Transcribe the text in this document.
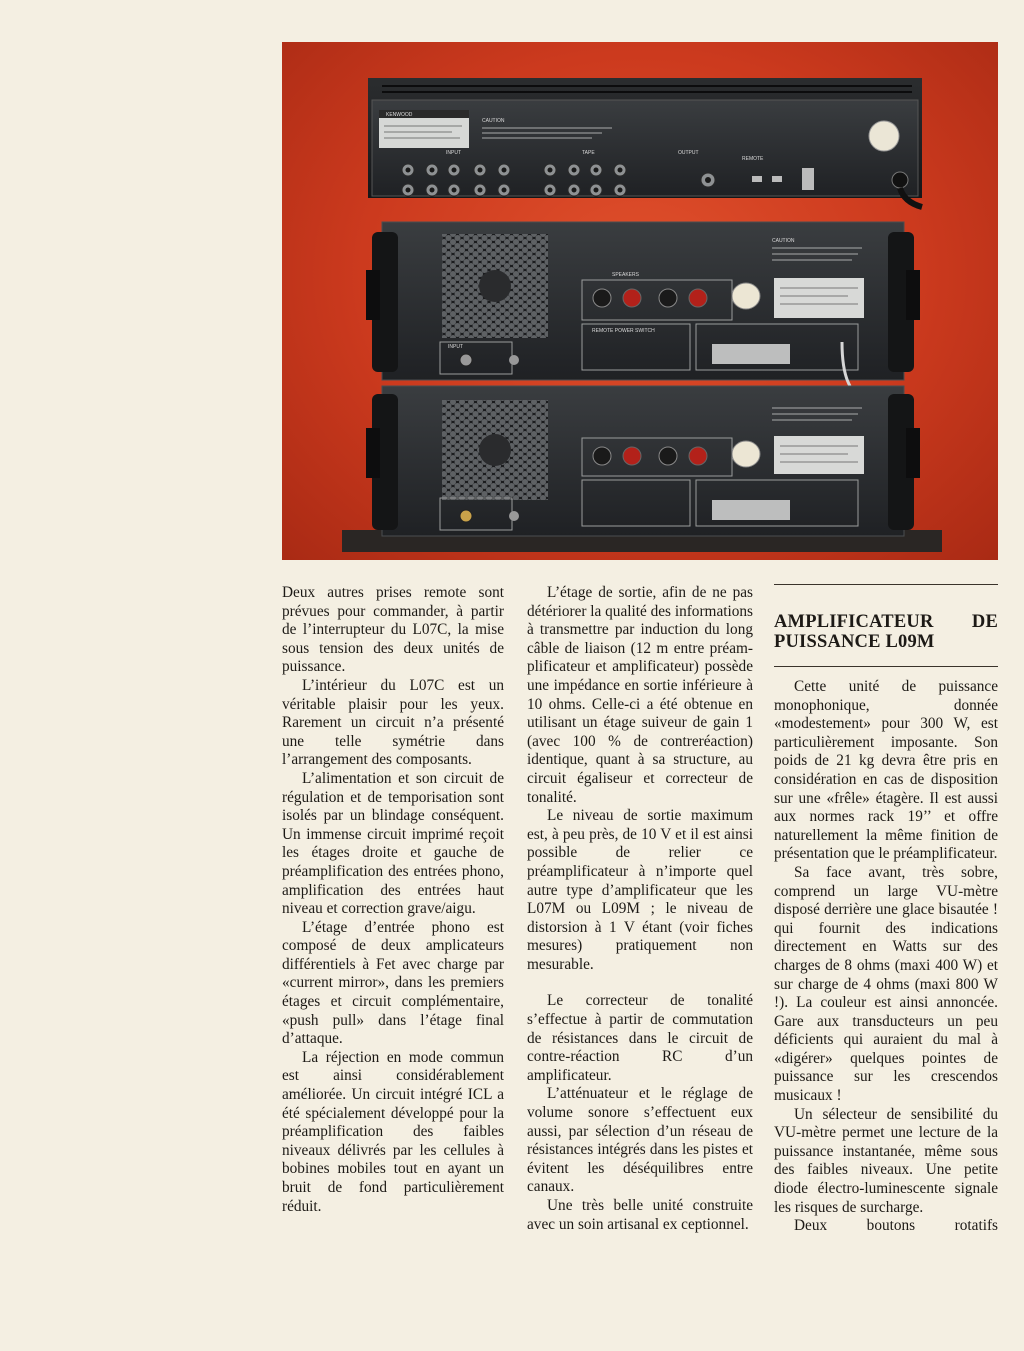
KENWOOD
INPUT	TAPE	OUTPUT
REMOTE
CAUTION
SPEAKERS
REMOTE POWER SWITCH
INPUT
CAUTION

Deux autres prises remote sont prévues pour commander, à partir de l’interrupteur du L07C, la mise sous tension des deux unités de puissance.

L’intérieur du L07C est un véritable plaisir pour les yeux. Rarement un circuit n’a présenté une telle symétrie dans l’arrangement des composants.

L’alimentation et son circuit de régulation et de temporisation sont isolés par un blindage conséquent. Un immense circuit imprimé reçoit les étages droite et gauche de préamplification des entrées phono, amplification des entrées haut niveau et correction grave/aigu.

L’étage d’entrée phono est composé de deux amplicateurs différentiels à Fet avec charge par «current mirror», dans les premiers étages et circuit complémentaire, «push pull» dans l’étage final d’attaque.

La réjection en mode commun est ainsi considérablement améliorée. Un circuit intégré ICL a été spécialement développé pour la préamplification des faibles niveaux délivrés par les cellules à bobines mobiles tout en ayant un bruit de fond particulièrement réduit.

L’étage de sortie, afin de ne pas détériorer la qualité des informations à transmettre par induction du long câble de liaison (12 m entre préamplificateur et amplificateur) possède une impédance en sortie inférieure à 10 ohms. Celle-ci a été obtenue en utilisant un étage suiveur de gain 1 (avec 100 % de contreréaction) identique, quant à sa structure, au circuit égaliseur et correcteur de tonalité.

Le niveau de sortie maximum est, à peu près, de 10 V et il est ainsi possible de relier ce préamplificateur à n’importe quel autre type d’amplificateur que les L07M ou L09M ; le niveau de distorsion à 1 V étant (voir fiches mesures) pratiquement non mesurable.

Le correcteur de tonalité s’effectue à partir de commutation de résistances dans le circuit de contre-réaction RC d’un amplificateur.

L’atténuateur et le réglage de volume sonore s’effectuent eux aussi, par sélection d’un réseau de résistances intégrés dans les pistes et évitent les déséquilibres entre canaux.

Une très belle unité construite avec un soin artisanal ex ceptionnel.

AMPLIFICATEUR DE PUISSANCE L09M

Cette unité de puissance monophonique, donnée «modestement» pour 300 W, est particulièrement imposante. Son poids de 21 kg devra être pris en considération en cas de disposition sur une «frêle» étagère. Il est aussi aux normes rack 19’’ et offre naturellement la même finition de présentation que le préamplificateur.

Sa face avant, très sobre, comprend un large VU-mètre disposé derrière une glace bisautée ! qui fournit des indications directement en Watts sur des charges de 8 ohms (maxi 400 W) et sur charge de 4 ohms (maxi 800 W !). La couleur est ainsi annoncée. Gare aux transducteurs un peu déficients qui auraient du mal à «digérer» quelques pointes de puissance sur les crescendos musicaux !

Un sélecteur de sensibilité du VU-mètre permet une lecture de la puissance instantanée, même sous des faibles niveaux. Une petite diode électro-luminescente signale les risques de surcharge.

Deux boutons rotatifs
